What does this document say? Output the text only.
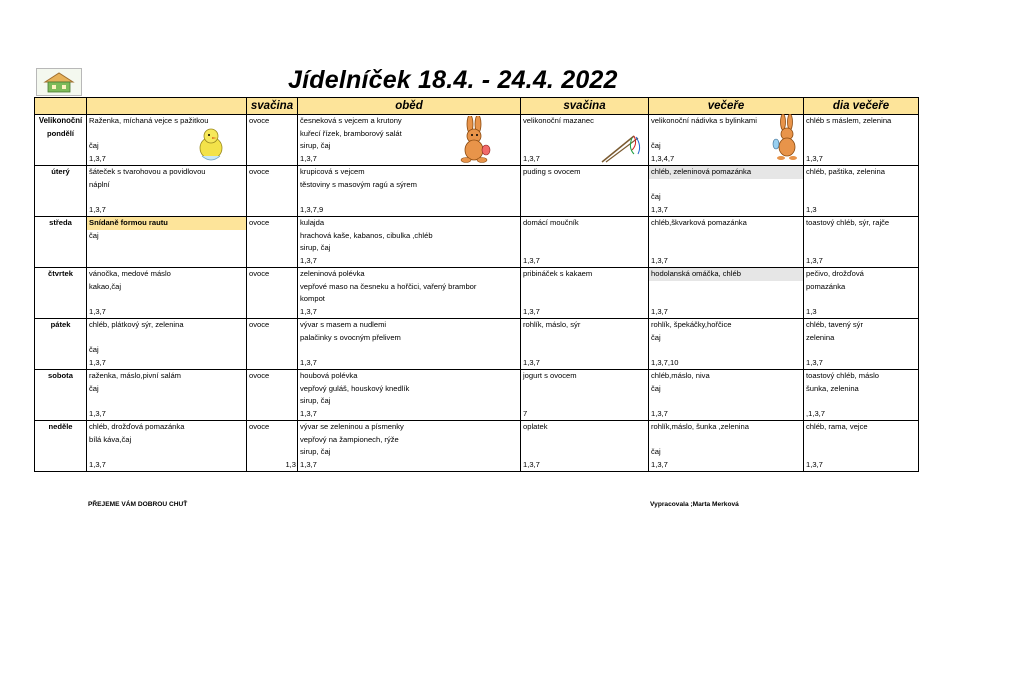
Jídelníček 18.4. - 24.4. 2022
		svačina	oběd	svačina	večeře	dia večeře
Velikonoční	Raženka, míchaná vejce s pažitkou	ovoce	česneková s vejcem a krutony	velikonoční mazanec	velikonoční nádivka s bylinkami	chléb s máslem, zelenina
pondělí			kuřecí řízek, bramborový salát			
	čaj		sirup, čaj		čaj	
	1,3,7		1,3,7	1,3,7	1,3,4,7	1,3,7
úterý	šáteček s tvarohovou a povidlovou	ovoce	krupicová s vejcem	puding s ovocem	chléb, zeleninová pomazánka	chléb, paštika, zelenina
	náplní		těstoviny s masovým ragú a sýrem			
					čaj	
	1,3,7		1,3,7,9		1,3,7	1,3
středa	Snídaně formou rautu	ovoce	kulajda	domácí moučník	chléb,škvarková pomazánka	toastový chléb, sýr, rajče
	čaj		hrachová kaše, kabanos, cibulka ,chléb			
			sirup, čaj			
			1,3,7	1,3,7	1,3,7	1,3,7
čtvrtek	vánočka, medové máslo	ovoce	zeleninová polévka	pribináček s kakaem	hodolanská omáčka, chléb	pečivo, drožďová
	kakao,čaj		vepřové maso na česneku a hořčici, vařený brambor			pomazánka
			kompot			
	1,3,7		1,3,7	1,3,7	1,3,7	1,3
pátek	chléb, plátkový sýr, zelenina	ovoce	vývar s masem a nudlemi	rohlík, máslo, sýr	rohlík, špekáčky,hořčice	chléb, tavený sýr
			palačinky s ovocným přelivem		čaj	zelenina
	čaj					
	1,3,7		1,3,7	1,3,7	1,3,7,10	1,3,7
sobota	raženka, máslo,pivní salám	ovoce	houbová polévka	jogurt s ovocem	chléb,máslo, niva	toastový chléb, máslo
	čaj		vepřový guláš, houskový knedlík		čaj	šunka, zelenina
			sirup, čaj			
	1,3,7		1,3,7	7	1,3,7	,1,3,7
neděle	chléb, drožďová pomazánka	ovoce	vývar se zeleninou a písmenky	oplatek	rohlík,máslo, šunka ,zelenina	chléb, rama, vejce
	bílá káva,čaj		vepřový na žampionech, rýže			
			sirup, čaj		čaj	
	1,3,7	1,3	1,3,7	1,3,7	1,3,7	1,3,7
PŘEJEME VÁM DOBROU CHUŤ	Vypracovala ;Marta Merková
